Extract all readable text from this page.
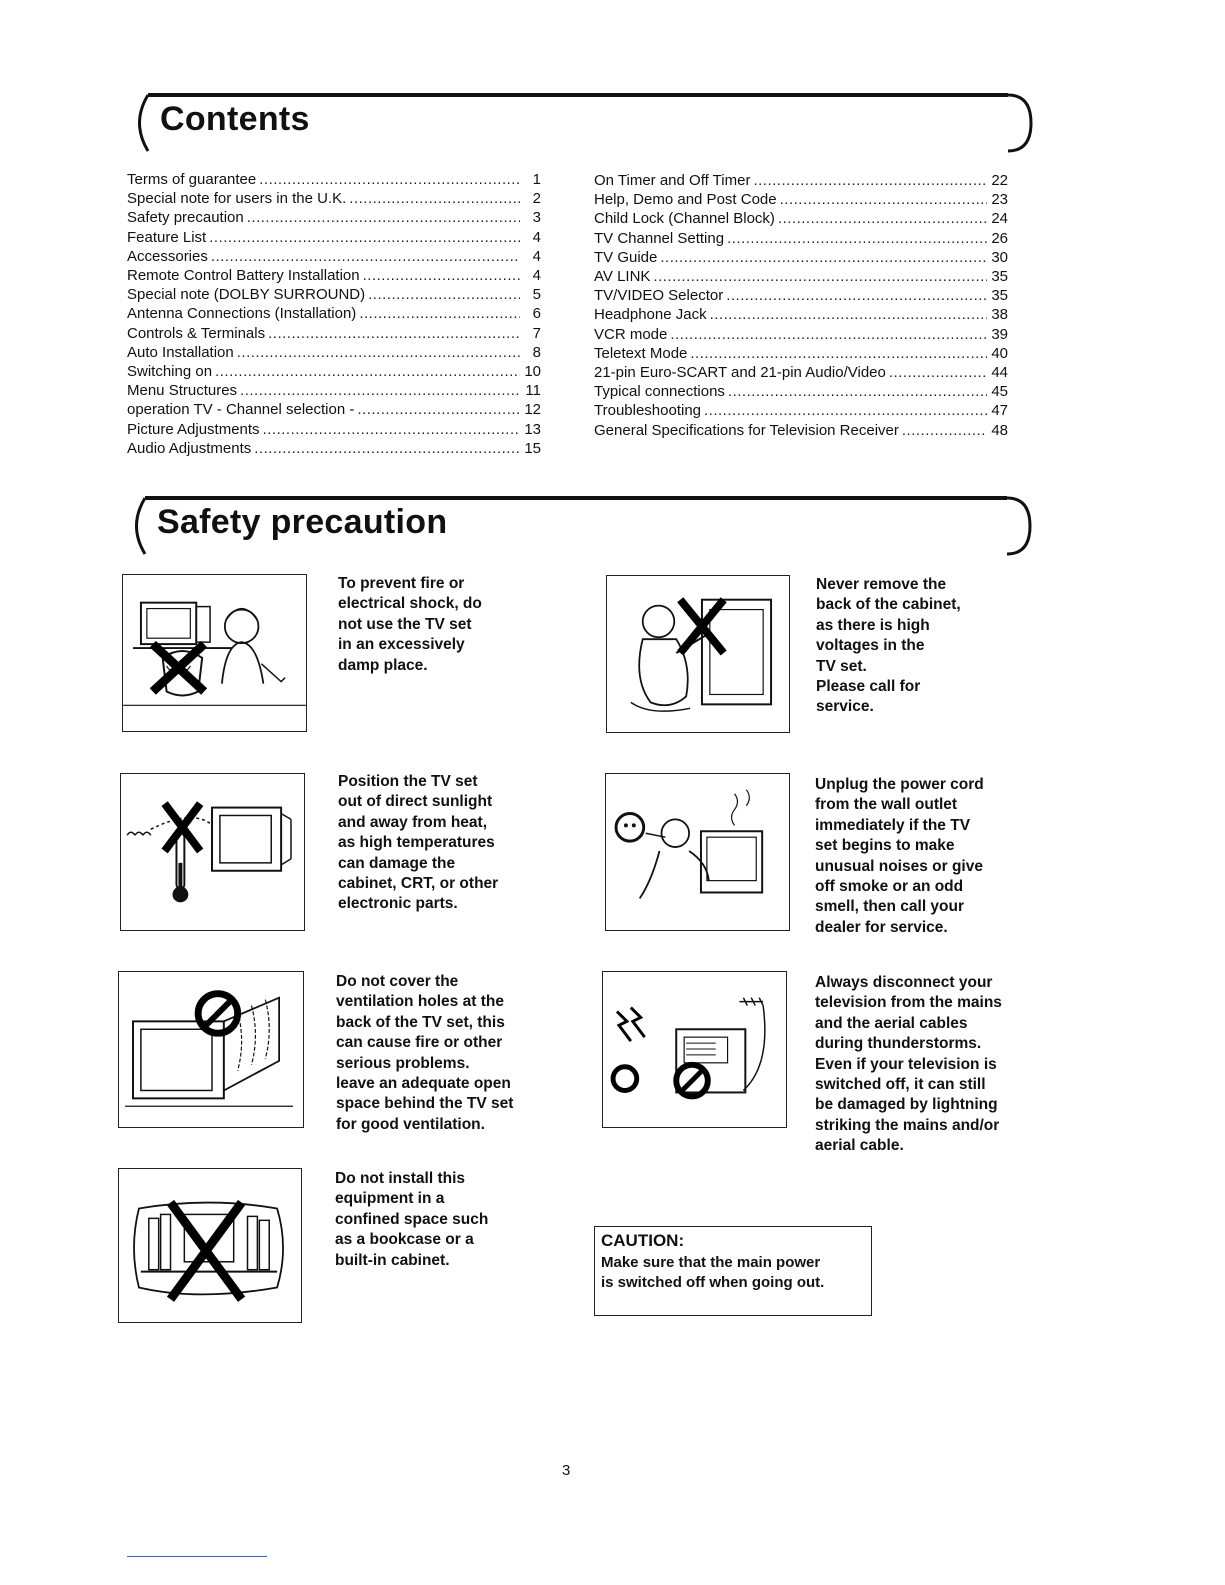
Contents
Terms of guarantee .....	1
Special note for users in the U.K. .....	2
Safety precaution .....	3
Feature List .....	4
Accessories .....	4
Remote Control Battery Installation .....	4
Special note (DOLBY SURROUND) .....	5
Antenna Connections (Installation) .....	6
Controls & Terminals .....	7
Auto Installation .....	8
Switching on .....	10
Menu Structures .....	11
operation TV - Channel selection - .....	12
Picture Adjustments .....	13
Audio Adjustments .....	15
On Timer and Off Timer .....	22
Help, Demo and Post Code .....	23
Child Lock (Channel Block) .....	24
TV Channel Setting .....	26
TV Guide .....	30
AV LINK .....	35
TV/VIDEO Selector .....	35
Headphone Jack .....	38
VCR mode .....	39
Teletext Mode .....	40
21-pin Euro-SCART and 21-pin Audio/Video .....	44
Typical connections .....	45
Troubleshooting .....	47
General Specifications for Television Receiver .....	48
Safety precaution
To prevent fire or
electrical shock, do
not use the TV set
in an excessively
damp place.
Never remove the
back of the cabinet,
as there is high
voltages in the
TV set.
Please call for
service.
Position the TV set
out of direct sunlight
and away from heat,
as high temperatures
can damage the
cabinet, CRT, or other
electronic parts.
Unplug the power cord
from the wall outlet
immediately if the TV
set begins to make
unusual noises or give
off smoke or an odd
smell, then call your
dealer for service.
Do not cover the
ventilation holes at the
back of the TV set, this
can cause fire or other
serious problems.
leave an adequate open
space behind the TV set
for good ventilation.
Always disconnect your
television from the mains
and the aerial cables
during thunderstorms.
Even if your television is
switched off, it can still
be damaged by lightning
striking the mains and/or
aerial cable.
Do not install this
equipment in a
confined space such
as a bookcase or a
built-in cabinet.
CAUTION:
Make sure that the main power
is switched off when going out.
3
